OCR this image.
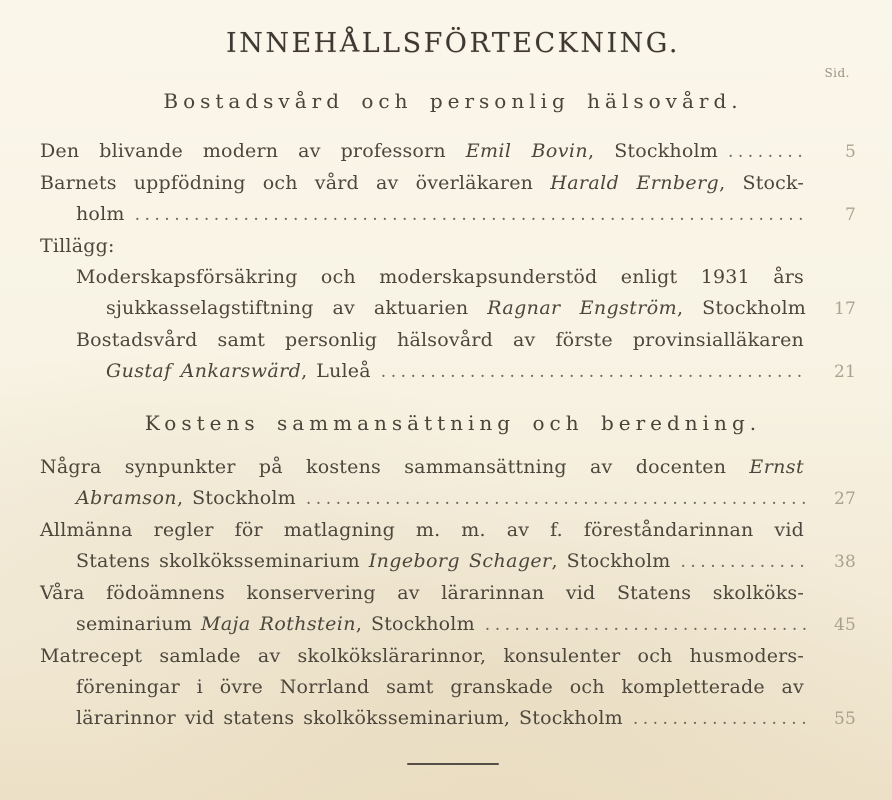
INNEHÅLLSFÖRTECKNING.
Sid.
Bostadsvård och personlig hälsovård.
Den blivande modern av professorn Emil Bovin, Stockholm .....	5
Barnets uppfödning och vård av överläkaren Harald Ernberg, Stock-
holm .....	7
Tillägg:
Moderskapsförsäkring och moderskapsunderstöd enligt 1931 års
sjukkasselagstiftning av aktuarien Ragnar Engström, Stockholm	17
Bostadsvård samt personlig hälsovård av förste provinsialläkaren
Gustaf Ankarswärd, Luleå .....	21
Kostens sammansättning och beredning.
Några synpunkter på kostens sammansättning av docenten Ernst
Abramson, Stockholm .....	27
Allmänna regler för matlagning m. m. av f. föreståndarinnan vid
Statens skolköksseminarium Ingeborg Schager, Stockholm .....	38
Våra födoämnens konservering av lärarinnan vid Statens skolköks-
seminarium Maja Rothstein, Stockholm .....	45
Matrecept samlade av skolkökslärarinnor, konsulenter och husmoders-
föreningar i övre Norrland samt granskade och kompletterade av
lärarinnor vid statens skolköksseminarium, Stockholm .....	55
